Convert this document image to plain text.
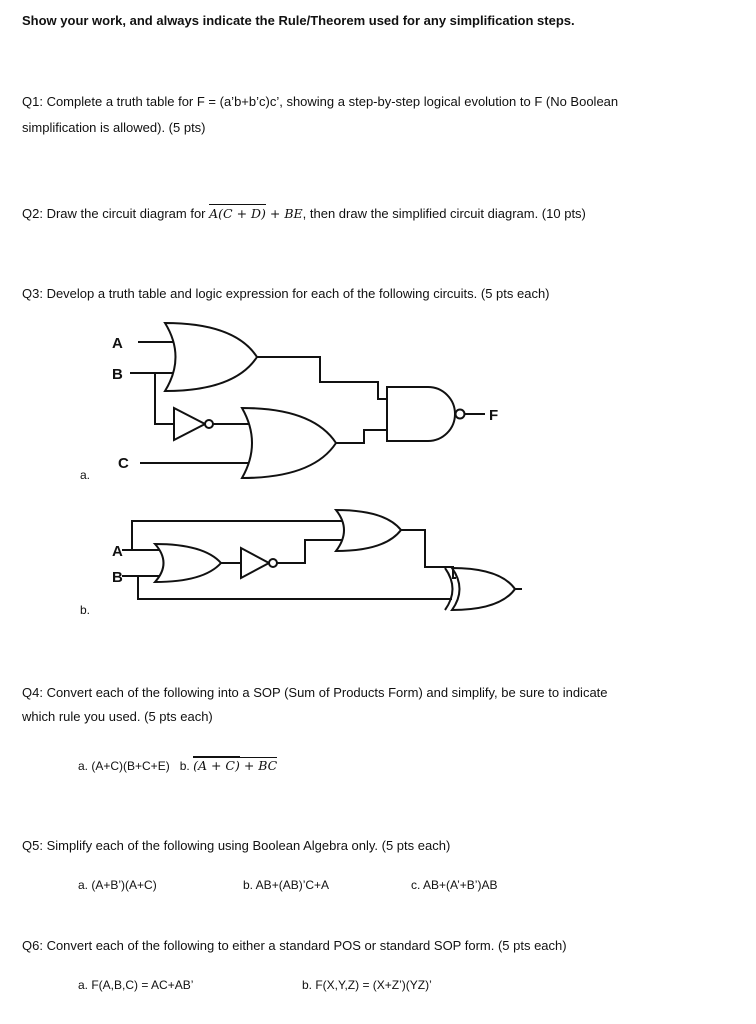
Show your work, and always indicate the Rule/Theorem used for any simplification steps.
Q1: Complete a truth table for F = (a’b+b’c)c’, showing a step-by-step logical evolution to F (No Boolean
simplification is allowed). (5 pts)
Q2: Draw the circuit diagram for A(C + D) + BE, then draw the simplified circuit diagram. (10 pts)
Q3: Develop a truth table and logic expression for each of the following circuits. (5 pts each)
a.
b.
A
B
C
F
A
B
Q4: Convert each of the following into a SOP (Sum of Products Form) and simplify, be sure to indicate
which rule you used. (5 pts each)
a. (A+C)(B+C+E) b. (A + C) + BC
Q5: Simplify each of the following using Boolean Algebra only. (5 pts each)
a. (A+B’)(A+C)	b. AB+(AB)’C+A	c. AB+(A’+B’)AB
Q6: Convert each of the following to either a standard POS or standard SOP form. (5 pts each)
a. F(A,B,C) = AC+AB’	b. F(X,Y,Z) = (X+Z’)(YZ)’
